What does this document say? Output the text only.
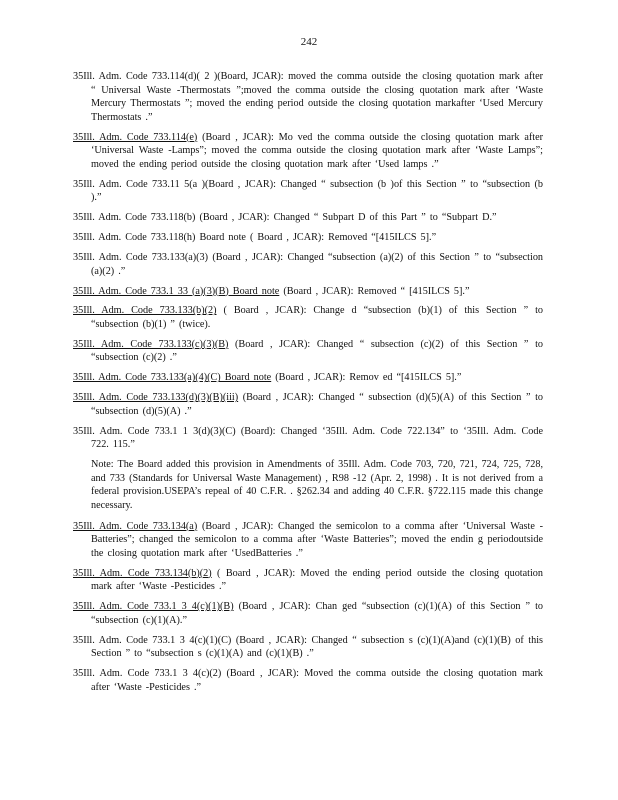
242

35Ill. Adm. Code 733.114(d)( 2 )(Board, JCAR): moved the comma outside the closing quotation mark after “ Universal Waste -Thermostats ”;moved the comma outside the closing quotation mark after ‘Waste Mercury Thermostats ”; moved the ending period outside the closing quotation markafter ‘Used Mercury Thermostats .”

35Ill. Adm. Code 733.114(e) (Board , JCAR): Mo ved the comma outside the closing quotation mark after ‘Universal Waste -Lamps”; moved the comma outside the closing quotation mark after ‘Waste Lamps”; moved the ending period outside the closing quotation mark after ‘Used lamps .”

35Ill. Adm. Code 733.11 5(a )(Board , JCAR): Changed “ subsection (b )of this Section ” to “subsection (b ).”

35Ill. Adm. Code 733.118(b) (Board , JCAR): Changed “ Subpart D of this Part ” to “Subpart D.”

35Ill. Adm. Code 733.118(h) Board note ( Board , JCAR): Removed “[415ILCS 5].”

35Ill. Adm. Code 733.133(a)(3) (Board , JCAR): Changed “subsection (a)(2) of this Section ” to “subsection (a)(2) .”

35Ill. Adm. Code 733.1 33 (a)(3)(B) Board note (Board , JCAR): Removed “ [415ILCS 5].”

35Ill. Adm. Code 733.133(b)(2) ( Board , JCAR): Change d “subsection (b)(1) of this Section ” to “subsection (b)(1) ” (twice).

35Ill. Adm. Code 733.133(c)(3)(B) (Board , JCAR): Changed “ subsection (c)(2) of this Section ” to “subsection (c)(2) .”

35Ill. Adm. Code 733.133(a)(4)(C) Board note (Board , JCAR): Remov ed “[415ILCS 5].”

35Ill. Adm. Code 733.133(d)(3)(B)(iii) (Board , JCAR): Changed “ subsection (d)(5)(A) of this Section ” to “subsection (d)(5)(A) .”

35Ill. Adm. Code 733.1 1 3(d)(3)(C) (Board): Changed ‘35Ill. Adm. Code 722.134” to ‘35Ill. Adm. Code 722. 115.”

Note: The Board added this provision in Amendments of 35Ill. Adm. Code 703, 720, 721, 724, 725, 728, and 733 (Standards for Universal Waste Management) , R98 -12 (Apr. 2, 1998) . It is not derived from a federal provision.USEPA’s repeal of 40 C.F.R. . §262.34 and adding 40 C.F.R. §722.115 made this change necessary.

35Ill. Adm. Code 733.134(a) (Board , JCAR): Changed the semicolon to a comma after ‘Universal Waste -Batteries”; changed the semicolon to a comma after ‘Waste Batteries”; moved the endin g periodoutside the closing quotation mark after ‘UsedBatteries .”

35Ill. Adm. Code 733.134(b)(2) ( Board , JCAR): Moved the ending period outside the closing quotation mark after ‘Waste -Pesticides .”

35Ill. Adm. Code 733.1 3 4(c)(1)(B) (Board , JCAR): Chan ged “subsection (c)(1)(A) of this Section ” to “subsection (c)(1)(A).”

35Ill. Adm. Code 733.1 3 4(c)(1)(C) (Board , JCAR): Changed “ subsection s (c)(1)(A)and (c)(1)(B) of this Section ” to “subsection s (c)(1)(A) and (c)(1)(B) .”

35Ill. Adm. Code 733.1 3 4(c)(2) (Board , JCAR): Moved the comma outside the closing quotation mark after ‘Waste -Pesticides .”
